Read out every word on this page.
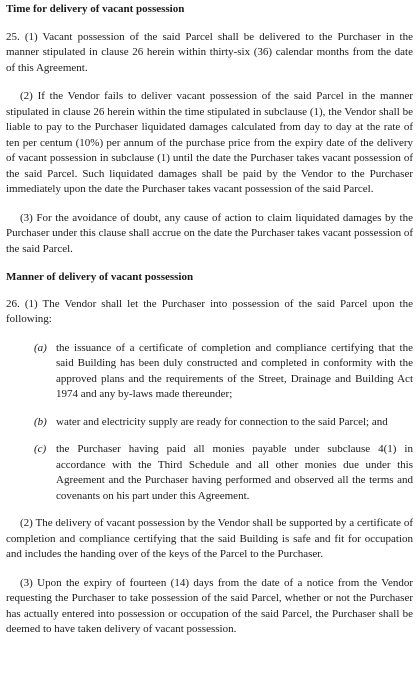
Time for delivery of vacant possession

25. (1) Vacant possession of the said Parcel shall be delivered to the Purchaser in the manner stipulated in clause 26 herein within thirty-six (36) calendar months from the date of this Agreement.

(2) If the Vendor fails to deliver vacant possession of the said Parcel in the manner stipulated in clause 26 herein within the time stipulated in subclause (1), the Vendor shall be liable to pay to the Purchaser liquidated damages calculated from day to day at the rate of ten per centum (10%) per annum of the purchase price from the expiry date of the delivery of vacant possession in subclause (1) until the date the Purchaser takes vacant possession of the said Parcel. Such liquidated damages shall be paid by the Vendor to the Purchaser immediately upon the date the Purchaser takes vacant possession of the said Parcel.

(3) For the avoidance of doubt, any cause of action to claim liquidated damages by the Purchaser under this clause shall accrue on the date the Purchaser takes vacant possession of the said Parcel.

Manner of delivery of vacant possession

26. (1) The Vendor shall let the Purchaser into possession of the said Parcel upon the following:

(a) the issuance of a certificate of completion and compliance certifying that the said Building has been duly constructed and completed in conformity with the approved plans and the requirements of the Street, Drainage and Building Act 1974 and any by-laws made thereunder;
(b) water and electricity supply are ready for connection to the said Parcel; and
(c) the Purchaser having paid all monies payable under subclause 4(1) in accordance with the Third Schedule and all other monies due under this Agreement and the Purchaser having performed and observed all the terms and covenants on his part under this Agreement.

(2) The delivery of vacant possession by the Vendor shall be supported by a certificate of completion and compliance certifying that the said Building is safe and fit for occupation and includes the handing over of the keys of the Parcel to the Purchaser.

(3) Upon the expiry of fourteen (14) days from the date of a notice from the Vendor requesting the Purchaser to take possession of the said Parcel, whether or not the Purchaser has actually entered into possession or occupation of the said Parcel, the Purchaser shall be deemed to have taken delivery of vacant possession.
